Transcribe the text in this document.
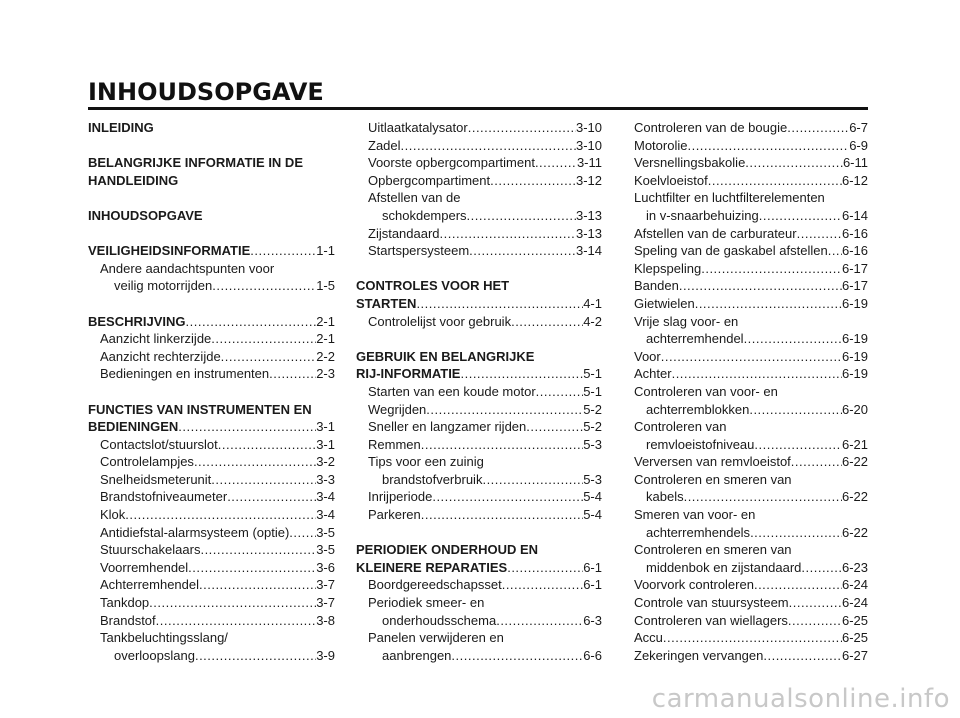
INHOUDSOPGAVE
INLEIDING
BELANGRIJKE INFORMATIE IN DE
HANDLEIDING
INHOUDSOPGAVE
VEILIGHEIDSINFORMATIE .....	1-1
Andere aandachtspunten voor
veilig motorrijden .....	1-5
BESCHRIJVING .....	2-1
Aanzicht linkerzijde .....	2-1
Aanzicht rechterzijde .....	2-2
Bedieningen en instrumenten .....	2-3
FUNCTIES VAN INSTRUMENTEN EN
BEDIENINGEN .....	3-1
Contactslot/stuurslot .....	3-1
Controlelampjes .....	3-2
Snelheidsmeterunit .....	3-3
Brandstofniveaumeter .....	3-4
Klok .....	3-4
Antidiefstal-alarmsysteem (optie) ..... 3-5
Stuurschakelaars .....	3-5
Voorremhendel .....	3-6
Achterremhendel .....	3-7
Tankdop .....	3-7
Brandstof .....	3-8
Tankbeluchtingsslang/
overloopslang .....	3-9
Uitlaatkatalysator .....	3-10
Zadel .....	3-10
Voorste opbergcompartiment .....	3-11
Opbergcompartiment .....	3-12
Afstellen van de
schokdempers .....	3-13
Zijstandaard .....	3-13
Startspersysteem .....	3-14
CONTROLES VOOR HET
STARTEN .....	4-1
Controlelijst voor gebruik .....	4-2
GEBRUIK EN BELANGRIJKE
RIJ-INFORMATIE .....	5-1
Starten van een koude motor .....	5-1
Wegrijden .....	5-2
Sneller en langzamer rijden .....	5-2
Remmen .....	5-3
Tips voor een zuinig
brandstofverbruik .....	5-3
Inrijperiode .....	5-4
Parkeren .....	5-4
PERIODIEK ONDERHOUD EN
KLEINERE REPARATIES .....	6-1
Boordgereedschapsset .....	6-1
Periodiek smeer- en
onderhoudsschema .....	6-3
Panelen verwijderen en
aanbrengen .....	6-6
Controleren van de bougie .....	6-7
Motorolie .....	6-9
Versnellingsbakolie .....	6-11
Koelvloeistof .....	6-12
Luchtfilter en luchtfilterelementen
in v-snaarbehuizing .....	6-14
Afstellen van de carburateur .....	6-16
Speling van de gaskabel afstellen ..... 6-16
Klepspeling .....	6-17
Banden .....	6-17
Gietwielen .....	6-19
Vrije slag voor- en
achterremhendel .....	6-19
Voor .....	6-19
Achter .....	6-19
Controleren van voor- en
achterremblokken .....	6-20
Controleren van
remvloeistofniveau .....	6-21
Verversen van remvloeistof .....	6-22
Controleren en smeren van
kabels .....	6-22
Smeren van voor- en
achterremhendels .....	6-22
Controleren en smeren van
middenbok en zijstandaard .....	6-23
Voorvork controleren .....	6-24
Controle van stuursysteem .....	6-24
Controleren van wiellagers .....	6-25
Accu .....	6-25
Zekeringen vervangen .....	6-27
carmanualsonline.info
